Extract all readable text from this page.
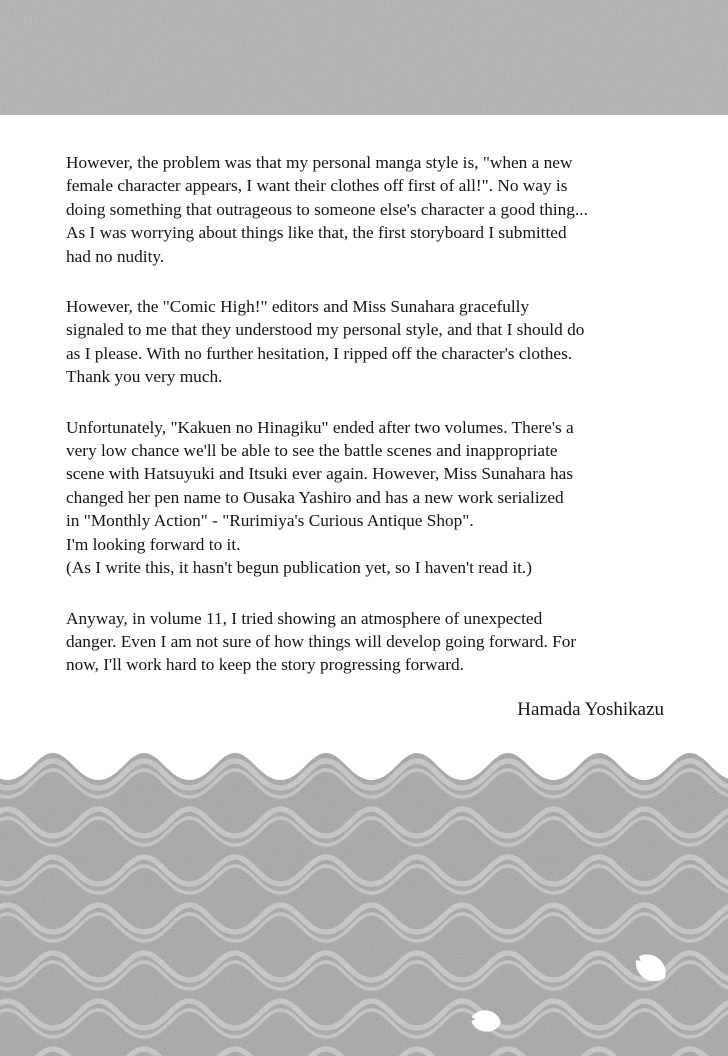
However, the problem was that my personal manga style is, "when a new
female character appears, I want their clothes off first of all!". No way is
doing something that outrageous to someone else's character a good thing...
As I was worrying about things like that, the first storyboard I submitted
had no nudity.
However, the "Comic High!" editors and Miss Sunahara gracefully
signaled to me that they understood my personal style, and that I should do
as I please. With no further hesitation, I ripped off the character's clothes.
Thank you very much.
Unfortunately, "Kakuen no Hinagiku" ended after two volumes. There's a
very low chance we'll be able to see the battle scenes and inappropriate
scene with Hatsuyuki and Itsuki ever again. However, Miss Sunahara has
changed her pen name to Ousaka Yashiro and has a new work serialized
in "Monthly Action" - "Rurimiya's Curious Antique Shop".
I'm looking forward to it.
(As I write this, it hasn't begun publication yet, so I haven't read it.)
Anyway, in volume 11, I tried showing an atmosphere of unexpected
danger. Even I am not sure of how things will develop going forward. For
now, I'll work hard to keep the story progressing forward.
Hamada Yoshikazu
